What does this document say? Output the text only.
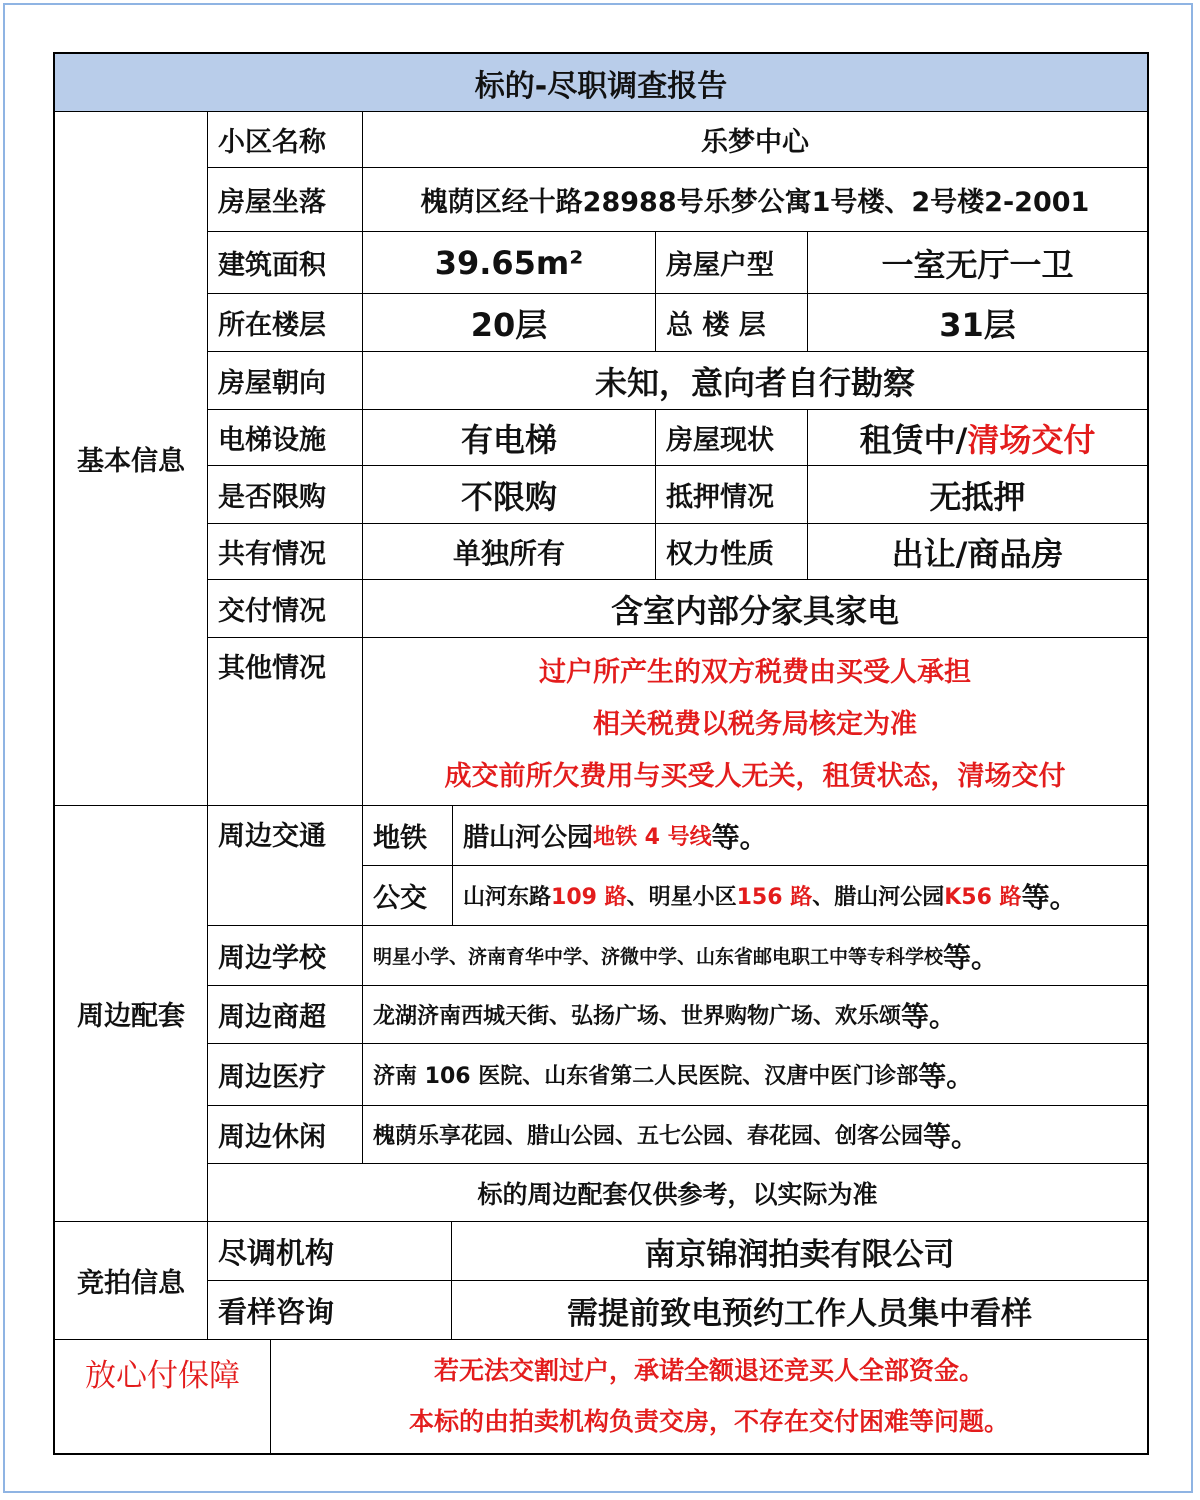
标的-尽职调查报告
基本信息
小区名称	乐梦中心
房屋坐落	槐荫区经十路28988号乐梦公寓1号楼、2号楼2-2001
建筑面积	39.65m²	房屋户型	一室无厅一卫
所在楼层	20层	总 楼 层	31层
房屋朝向	未知，意向者自行勘察
电梯设施	有电梯	房屋现状	租赁中/ 清场交付
是否限购	不限购	抵押情况	无抵押
共有情况	单独所有	权力性质	出让/商品房
交付情况	含室内部分家具家电
其他情况	过户所产生的双方税费由买受人承担
相关税费以税务局核定为准
成交前所欠费用与买受人无关，租赁状态，清场交付
周边配套
周边交通	地铁	腊山河公园 地铁 4 号线 等。
公交	山河东路 109 路 、明星小区 156 路 、腊山河公园 K56 路 等。
周边学校	明星小学、济南育华中学、济微中学、山东省邮电职工中等专科学校 等。
周边商超	龙湖济南西城天街、弘扬广场、世界购物广场、欢乐颂 等。
周边医疗	济南 106 医院、山东省第二人民医院、汉唐中医门诊部 等。
周边休闲	槐荫乐享花园、腊山公园、五七公园、春花园、创客公园 等。
标的周边配套仅供参考，以实际为准
竞拍信息
尽调机构	南京锦润拍卖有限公司
看样咨询	需提前致电预约工作人员集中看样
放心付保障	若无法交割过户，承诺全额退还竞买人全部资金。
本标的由拍卖机构负责交房，不存在交付困难等问题。
